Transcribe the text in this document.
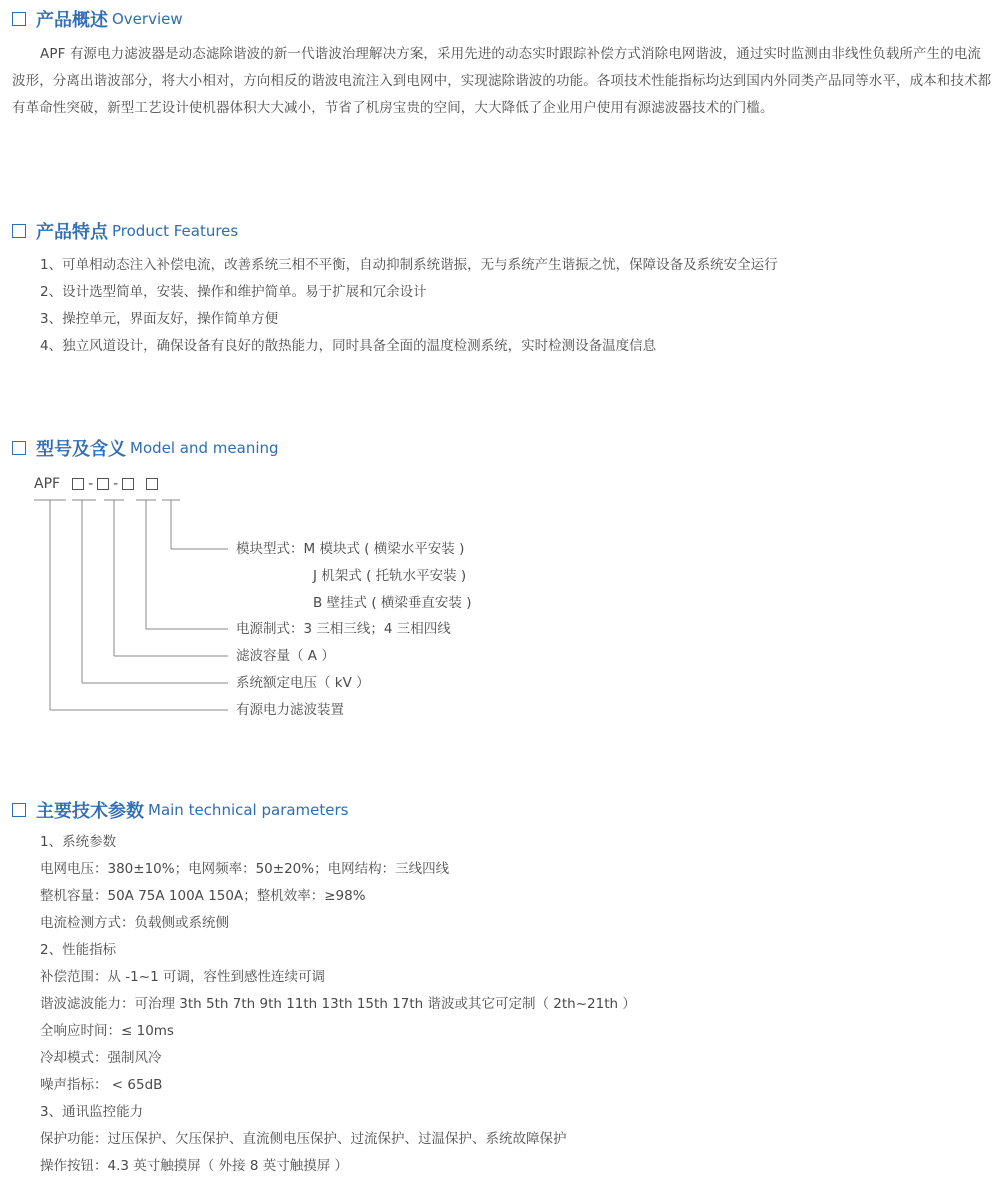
产品概述 Overview

APF 有源电力滤波器是动态滤除谐波的新一代谐波治理解决方案，采用先进的动态实时跟踪补偿方式消除电网谐波，通过实时监测由非线性负载所产生的电流波形，分离出谐波部分，将大小相对，方向相反的谐波电流注入到电网中，实现滤除谐波的功能。各项技术性能指标均达到国内外同类产品同等水平，成本和技术都有革命性突破，新型工艺设计使机器体积大大减小，节省了机房宝贵的空间，大大降低了企业用户使用有源滤波器技术的门槛。

产品特点 Product Features
1、可单相动态注入补偿电流，改善系统三相不平衡，自动抑制系统谐振，无与系统产生谐振之忧，保障设备及系统安全运行
2、设计选型简单，安装、操作和维护简单。易于扩展和冗余设计
3、操控单元，界面友好，操作简单方便
4、独立风道设计，确保设备有良好的散热能力，同时具备全面的温度检测系统，实时检测设备温度信息
型号及含义 Model and meaning
APF - -
模块型式：M 模块式 ( 横梁水平安装 )
J 机架式 ( 托轨水平安装 )
B 壁挂式 ( 横梁垂直安装 )
电源制式：3 三相三线；4 三相四线
滤波容量（ A ）
系统额定电压（ kV ）
有源电力滤波装置
主要技术参数 Main technical parameters
1、系统参数
电网电压：380±10%；电网频率：50±20%；电网结构：三线四线
整机容量：50A 75A 100A 150A；整机效率：≥98%
电流检测方式：负载侧或系统侧
2、性能指标
补偿范围：从 -1~1 可调，容性到感性连续可调
谐波滤波能力：可治理 3th 5th 7th 9th 11th 13th 15th 17th 谐波或其它可定制（ 2th~21th ）
全响应时间：≤ 10ms
冷却模式：强制风冷
噪声指标： < 65dB
3、通讯监控能力
保护功能：过压保护、欠压保护、直流侧电压保护、过流保护、过温保护、系统故障保护
操作按钮：4.3 英寸触摸屏（ 外接 8 英寸触摸屏 ）
